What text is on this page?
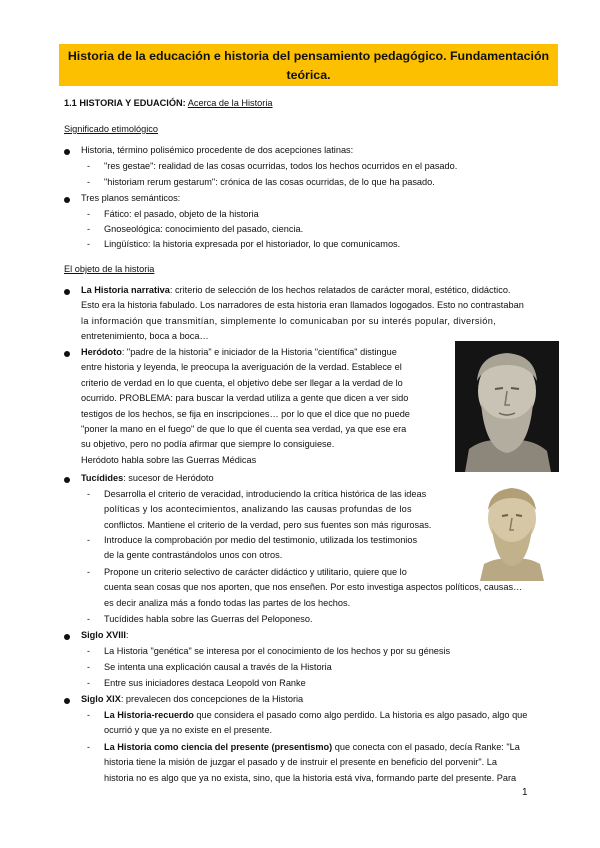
Historia de la educación e historia del pensamiento pedagógico. Fundamentación teórica.
1.1 HISTORIA Y EDUACIÓN: Acerca de la Historia
Significado etimológico
Historia, término polisémico procedente de dos acepciones latinas:
- "res gestae": realidad de las cosas ocurridas, todos los hechos ocurridos en el pasado.
- "historiam rerum gestarum": crónica de las cosas ocurridas, de lo que ha pasado.
Tres planos semánticos:
- Fático: el pasado, objeto de la historia
- Gnoseológica: conocimiento del pasado, ciencia.
- Lingüístico: la historia expresada por el historiador, lo que comunicamos.
El objeto de la historia
La Historia narrativa: criterio de selección de los hechos relatados de carácter moral, estético, didáctico.
Esto era la historia fabulado. Los narradores de esta historia eran llamados logogados. Esto no contrastaban
la información que transmitían, simplemente lo comunicaban por su interés popular, diversión,
entretenimiento, boca a boca…
Heródoto: "padre de la historia" e iniciador de la Historia "científica" distingue
entre historia y leyenda, le preocupa la averiguación de la verdad. Establece el
criterio de verdad en lo que cuenta, el objetivo debe ser llegar a la verdad de lo
ocurrido. PROBLEMA: para buscar la verdad utiliza a gente que dicen a ver sido
testigos de los hechos, se fija en inscripciones… por lo que el dice que no puede
"poner la mano en el fuego" de que lo que él cuenta sea verdad, ya que ese era
su objetivo, pero no podía afirmar que siempre lo consiguiese.
Heródoto habla sobre las Guerras Médicas
Tucídides: sucesor de Heródoto
- Desarrolla el criterio de veracidad, introduciendo la crítica histórica de las ideas
políticas y los acontecimientos, analizando las causas profundas de los
conflictos. Mantiene el criterio de la verdad, pero sus fuentes son más rigurosas.
- Introduce la comprobación por medio del testimonio, utilizada los testimonios
de la gente contrastándolos unos con otros.
- Propone un criterio selectivo de carácter didáctico y utilitario, quiere que lo
cuenta sean cosas que nos aporten, que nos enseñen. Por esto investiga aspectos políticos, causas…
es decir analiza más a fondo todas las partes de los hechos.
- Tucídides habla sobre las Guerras del Peloponeso.
Siglo XVIII:
- La Historia "genética" se interesa por el conocimiento de los hechos y por su génesis
- Se intenta una explicación causal a través de la Historia
- Entre sus iniciadores destaca Leopold von Ranke
Siglo XIX: prevalecen dos concepciones de la Historia
- La Historia-recuerdo que considera el pasado como algo perdido. La historia es algo pasado, algo que
ocurrió y que ya no existe en el presente.
- La Historia como ciencia del presente (presentismo) que conecta con el pasado, decía Ranke: "La
historia tiene la misión de juzgar el pasado y de instruir el presente en beneficio del porvenir". La
historia no es algo que ya no exista, sino, que la historia está viva, formando parte del presente. Para
1
